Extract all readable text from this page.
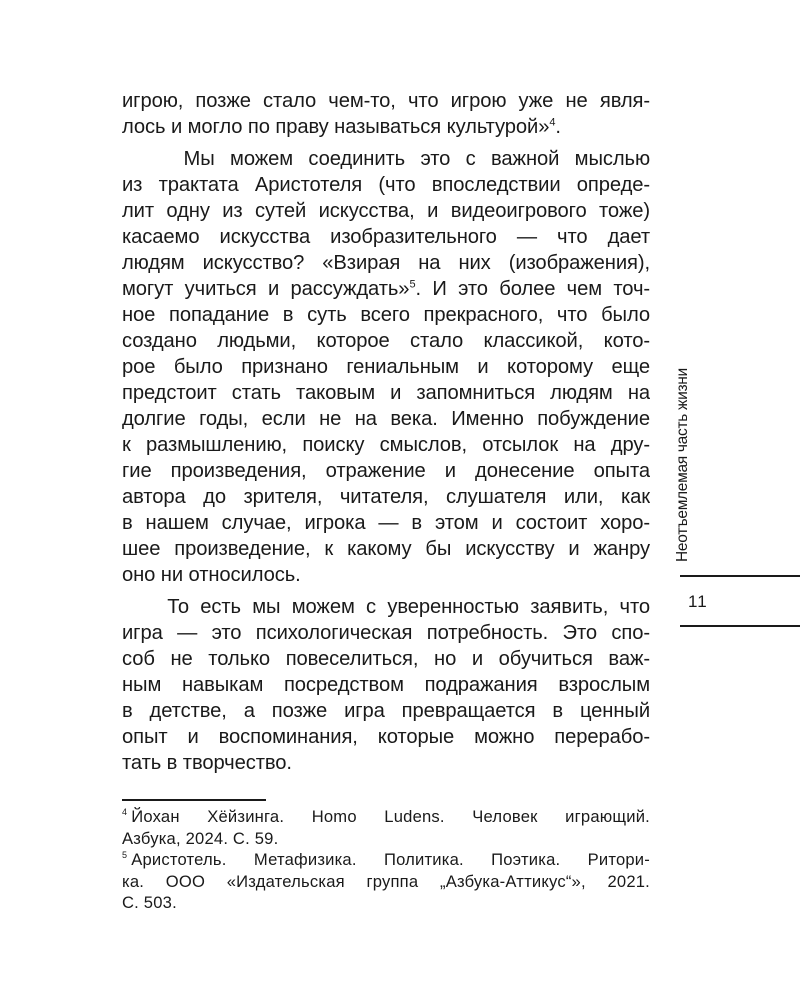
игрою, позже стало чем-то, что игрою уже не явля-
лось и могло по праву называться культурой»$^4$.
Мы можем соединить это с важной мыслью
из трактата Аристотеля (что впоследствии опреде-
лит одну из сутей искусства, и видеоигрового тоже)
касаемо искусства изобразительного — что дает
людям искусство? «Взирая на них (изображения),
могут учиться и рассуждать»$^5$. И это более чем точ-
ное попадание в суть всего прекрасного, что было
создано людьми, которое стало классикой, кото-
рое было признано гениальным и которому еще
предстоит стать таковым и запомниться людям на
долгие годы, если не на века. Именно побуждение
к размышлению, поиску смыслов, отсылок на дру-
гие произведения, отражение и донесение опыта
автора до зрителя, читателя, слушателя или, как
в нашем случае, игрока — в этом и состоит хоро-
шее произведение, к какому бы искусству и жанру
оно ни относилось.
То есть мы можем с уверенностью заявить, что
игра — это психологическая потребность. Это спо-
соб не только повеселиться, но и обучиться важ-
ным навыкам посредством подражания взрослым
в детстве, а позже игра превращается в ценный
опыт и воспоминания, которые можно перерабо-
тать в творчество.
$^4$ Йохан Хёйзинга. Homo Ludens. Человек играющий.
Азбука, 2024. С. 59.
$^5$ Аристотель. Метафизика. Политика. Поэтика. Ритори-
ка. ООО «Издательская группа „Азбука-Аттикус“», 2021.
С. 503.
Неотъемлемая часть жизни
11
